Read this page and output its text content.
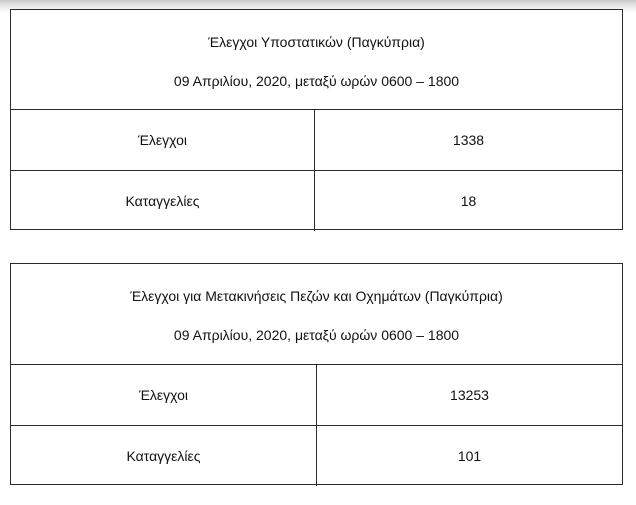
Έλεγχοι Υποστατικών (Παγκύπρια)
09 Απριλίου, 2020, μεταξύ ωρών 0600 – 1800
Έλεγχοι	1338
Καταγγελίες	18
Έλεγχοι για Μετακινήσεις Πεζών και Οχημάτων (Παγκύπρια)
09 Απριλίου, 2020, μεταξύ ωρών 0600 – 1800
Έλεγχοι	13253
Καταγγελίες	101
